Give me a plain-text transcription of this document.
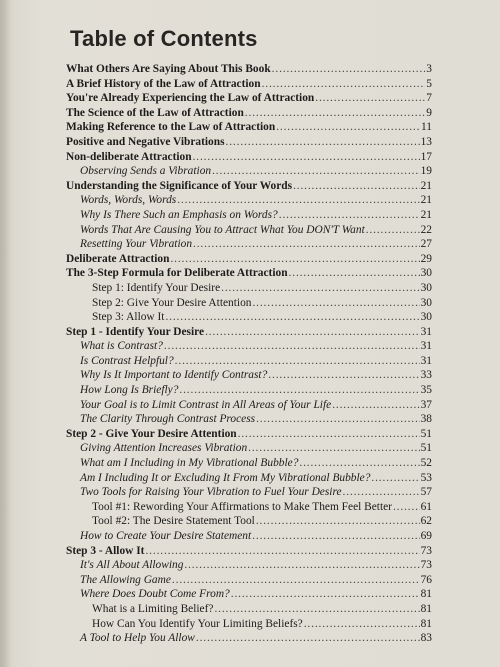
Table of Contents
What Others Are Saying About This Book . . .	3
A Brief History of the Law of Attraction . . .	5
You're Already Experiencing the Law of Attraction . . .	7
The Science of the Law of Attraction . . .	9
Making Reference to the Law of Attraction . . .	11
Positive and Negative Vibrations . . .	13
Non-deliberate Attraction . . .	17
Observing Sends a Vibration . . .	19
Understanding the Significance of Your Words . . .	21
Words, Words, Words . . .	21
Why Is There Such an Emphasis on Words? . . .	21
Words That Are Causing You to Attract What You DON'T Want . . .	22
Resetting Your Vibration . . .	27
Deliberate Attraction . . .	29
The 3-Step Formula for Deliberate Attraction . . .	30
Step 1: Identify Your Desire . . .	30
Step 2: Give Your Desire Attention . . .	30
Step 3: Allow It . . .	30
Step 1 - Identify Your Desire . . .	31
What is Contrast? . . .	31
Is Contrast Helpful? . . .	31
Why Is It Important to Identify Contrast? . . .	33
How Long Is Briefly? . . .	35
Your Goal is to Limit Contrast in All Areas of Your Life . . .	37
The Clarity Through Contrast Process . . .	38
Step 2 - Give Your Desire Attention . . .	51
Giving Attention Increases Vibration . . .	51
What am I Including in My Vibrational Bubble? . . .	52
Am I Including It or Excluding It From My Vibrational Bubble? . . .	53
Two Tools for Raising Your Vibration to Fuel Your Desire . . .	57
Tool #1: Rewording Your Affirmations to Make Them Feel Better . . .	61
Tool #2: The Desire Statement Tool . . .	62
How to Create Your Desire Statement . . .	69
Step 3 - Allow It . . .	73
It's All About Allowing . . .	73
The Allowing Game . . .	76
Where Does Doubt Come From? . . .	81
What is a Limiting Belief? . . .	81
How Can You Identify Your Limiting Beliefs? . . .	81
A Tool to Help You Allow . . .	83
